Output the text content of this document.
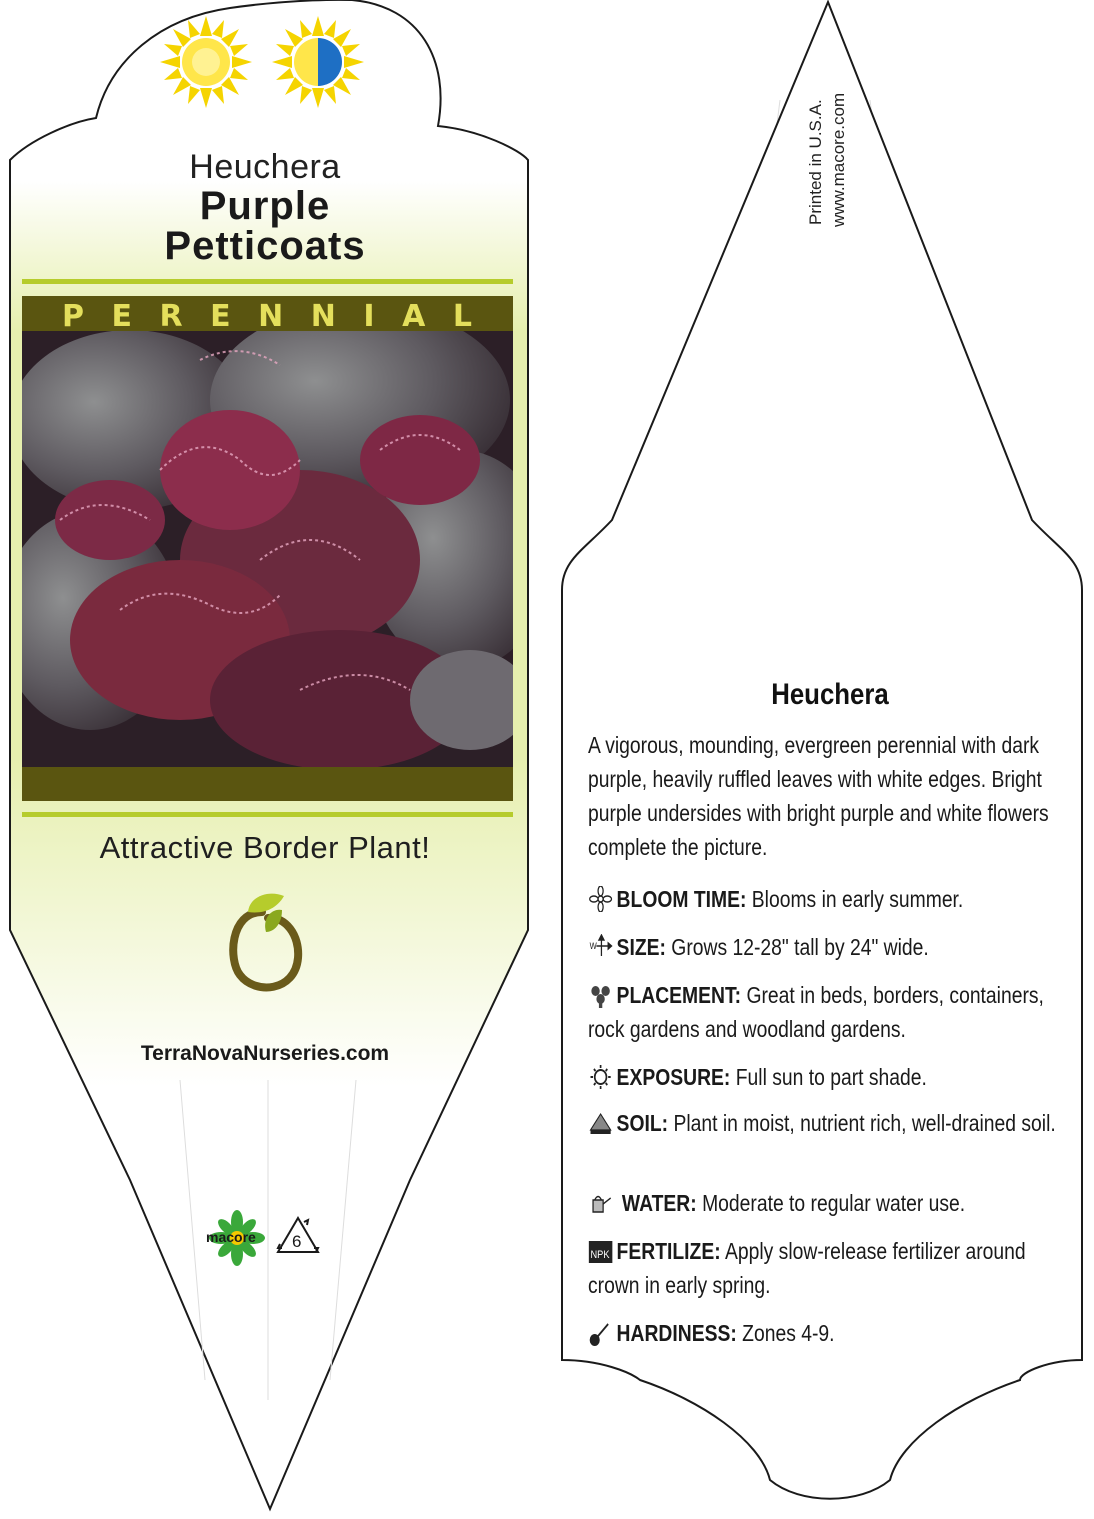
Heuchera
Purple
Petticoats
P E R E N N I A L
Attractive Border Plant!
TerraNovaNurseries.com
macore 6
Printed in U.S.A. www.macore.com
Heuchera
A vigorous, mounding, evergreen perennial with dark purple, heavily ruffled leaves with white edges. Bright purple undersides with bright purple and white flowers complete the picture.
BLOOM TIME: Blooms in early summer.
W SIZE: Grows 12-28" tall by 24" wide.
PLACEMENT: Great in beds, borders, containers, rock gardens and woodland gardens.
EXPOSURE: Full sun to part shade.
SOIL: Plant in moist, nutrient rich, well-drained soil.
WATER: Moderate to regular water use.
NPK FERTILIZE: Apply slow-release fertilizer around crown in early spring.
HARDINESS: Zones 4-9.
